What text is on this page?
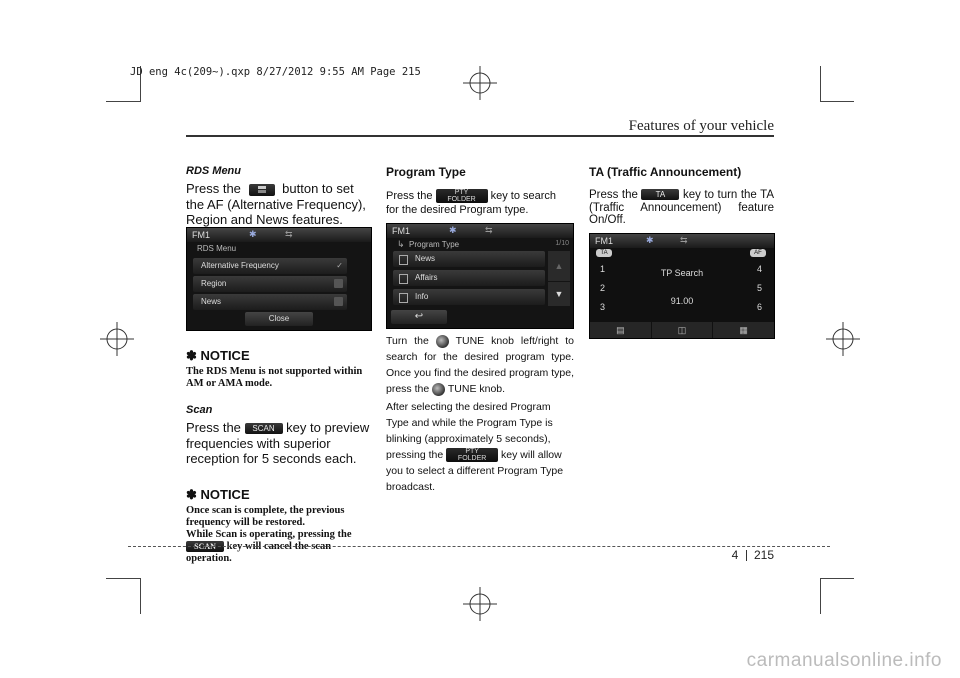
JD eng 4c(209~).qxp 8/27/2012 9:55 AM Page 215
Features of your vehicle

RDS Menu

Press the	button to set the AF (Alternative Frequency), Region and News features.

FM1	✱	⇆
RDS Menu
Alternative Frequency	✓
Region
News
Close

✽ NOTICE

The RDS Menu is not supported within AM or AMA mode.

Scan

Press the SCAN key to preview frequencies with superior reception for 5 seconds each.

✽ NOTICE

Once scan is complete, the previous frequency will be restored.
While Scan is operating, pressing the SCAN key will cancel the scan operation.

Program Type

Press the	PTY
FOLDER	key to search for the desired Program type.

FM1	✱	⇆
↳ Program Type	1/10
News
Affairs
Info
▲
▼
↩

Turn the	TUNE knob left/right to search for the desired program type. Once you find the desired program type, press the TUNE knob.

After selecting the desired Program Type and while the Program Type is blinking (approximately 5 seconds), pressing the	PTY
FOLDER	key will allow you to select a different Program Type broadcast.

TA (Traffic Announcement)

Press the TA key to turn the TA (Traffic Announcement) feature On/Off.

FM1	✱	⇆
TA	AF
1
2
3
4
5
6
TP Search
91.00
▤	◫	▦
4 215
carmanualsonline.info
